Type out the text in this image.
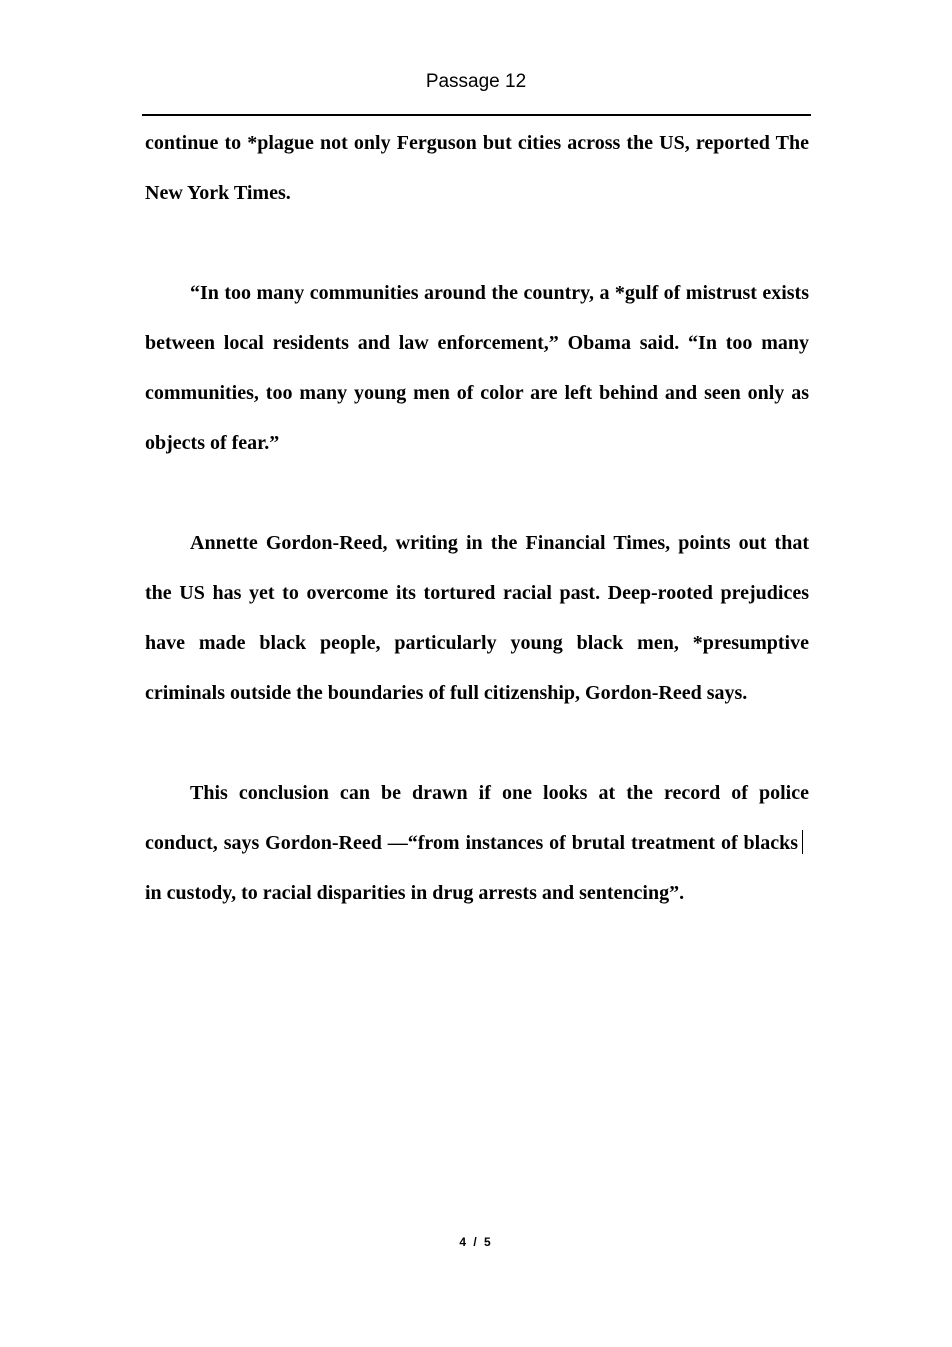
Passage 12

continue to *plague not only Ferguson but cities across the US, reported The New York Times.

“In too many communities around the country, a *gulf of mistrust exists between local residents and law enforcement,” Obama said. “In too many communities, too many young men of color are left behind and seen only as objects of fear.”

Annette Gordon-Reed, writing in the Financial Times, points out that the US has yet to overcome its tortured racial past. Deep-rooted prejudices have made black people, particularly young black men, *presumptive criminals outside the boundaries of full citizenship, Gordon-Reed says.

This conclusion can be drawn if one looks at the record of police conduct, says Gordon-Reed —“from instances of brutal treatment of blacksin custody, to racial disparities in drug arrests and sentencing”.

4 / 5
